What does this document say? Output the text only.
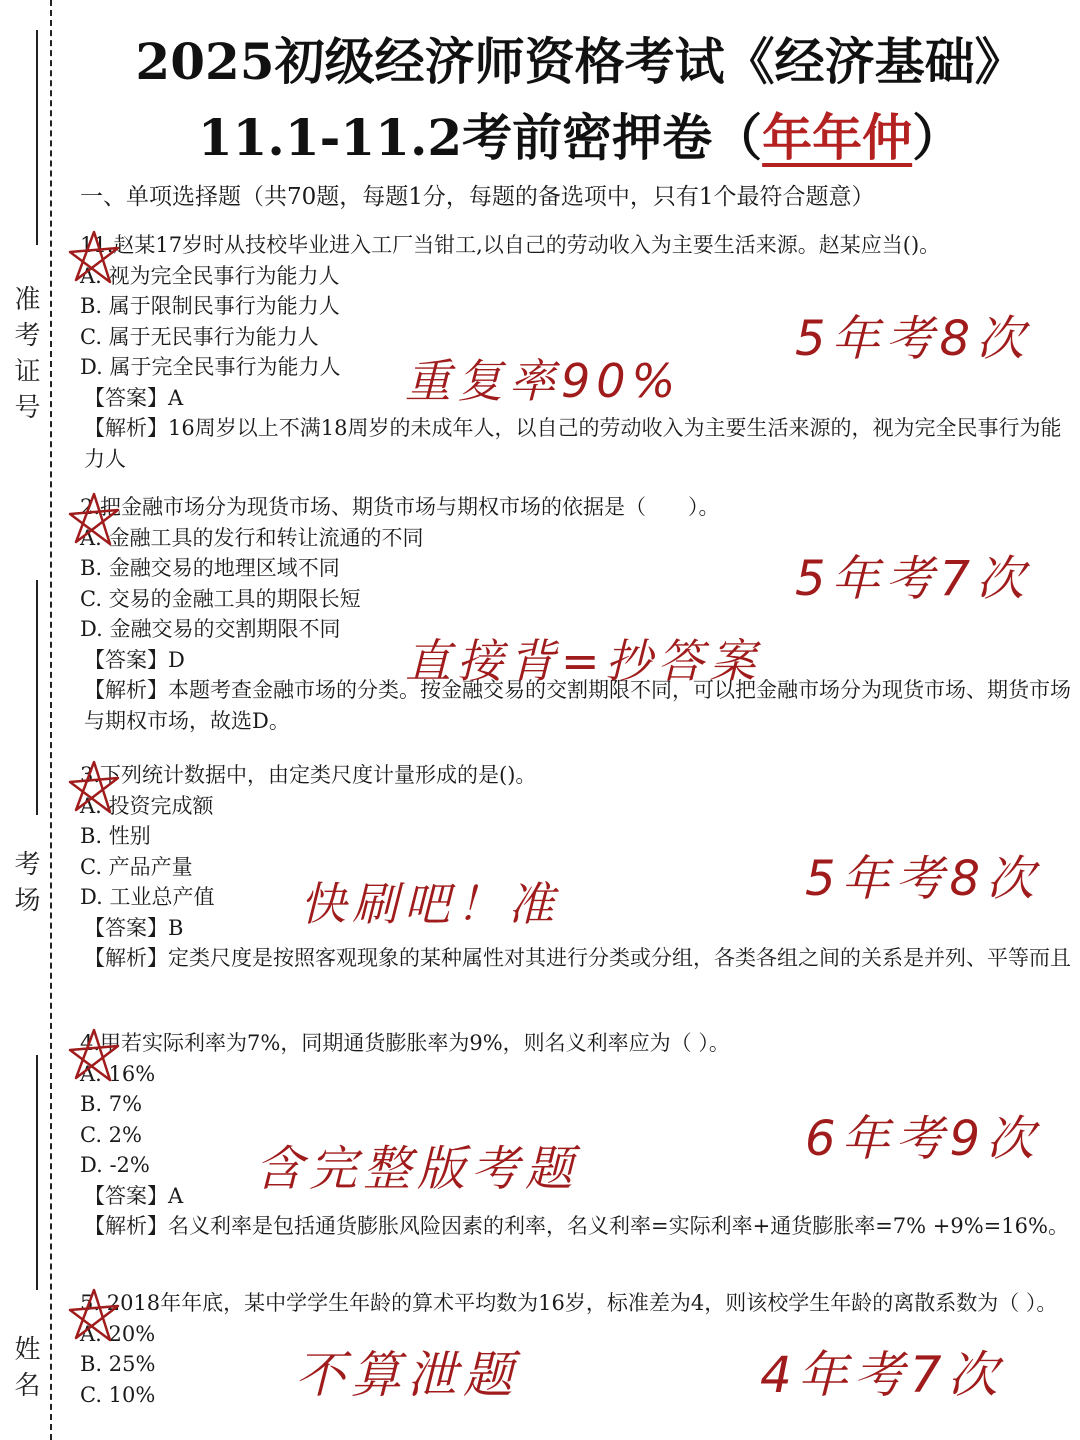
准考证号
考场
姓名
2025初级经济师资格考试《经济基础》
11.1-11.2考前密押卷（年年仲）
一、单项选择题（共70题，每题1分，每题的备选项中，只有1个最符合题意）
11.赵某17岁时从技校毕业进入工厂当钳工,以自己的劳动收入为主要生活来源。赵某应当()。
A. 视为完全民事行为能力人
B. 属于限制民事行为能力人
C. 属于无民事行为能力人
D. 属于完全民事行为能力人
【答案】A
【解析】16周岁以上不满18周岁的未成年人，以自己的劳动收入为主要生活来源的，视为完全民事行为能力人
2.把金融市场分为现货市场、期货市场与期权市场的依据是（　　）。
A. 金融工具的发行和转让流通的不同
B. 金融交易的地理区域不同
C. 交易的金融工具的期限长短
D. 金融交易的交割期限不同
【答案】D
【解析】本题考查金融市场的分类。按金融交易的交割期限不同，可以把金融市场分为现货市场、期货市场与期权市场，故选D。
3.下列统计数据中，由定类尺度计量形成的是()。
A. 投资完成额
B. 性别
C. 产品产量
D. 工业总产值
【答案】B
【解析】定类尺度是按照客观现象的某种属性对其进行分类或分组，各类各组之间的关系是并列、平等而且
4.甲若实际利率为7%，同期通货膨胀率为9%，则名义利率应为（ ）。
A. 16%
B. 7%
C. 2%
D. -2%
【答案】A
【解析】名义利率是包括通货膨胀风险因素的利率，名义利率=实际利率+通货膨胀率=7% +9%=16%。
5. 2018年年底，某中学学生年龄的算术平均数为16岁，标准差为4，则该校学生年龄的离散系数为（ ）。
A. 20%
B. 25%
C. 10%
5年考8次
重复率90%
5年考7次
直接背=抄答案
5年考8次
快刷吧！准
6年考9次
含完整版考题
不算泄题	4年考7次
